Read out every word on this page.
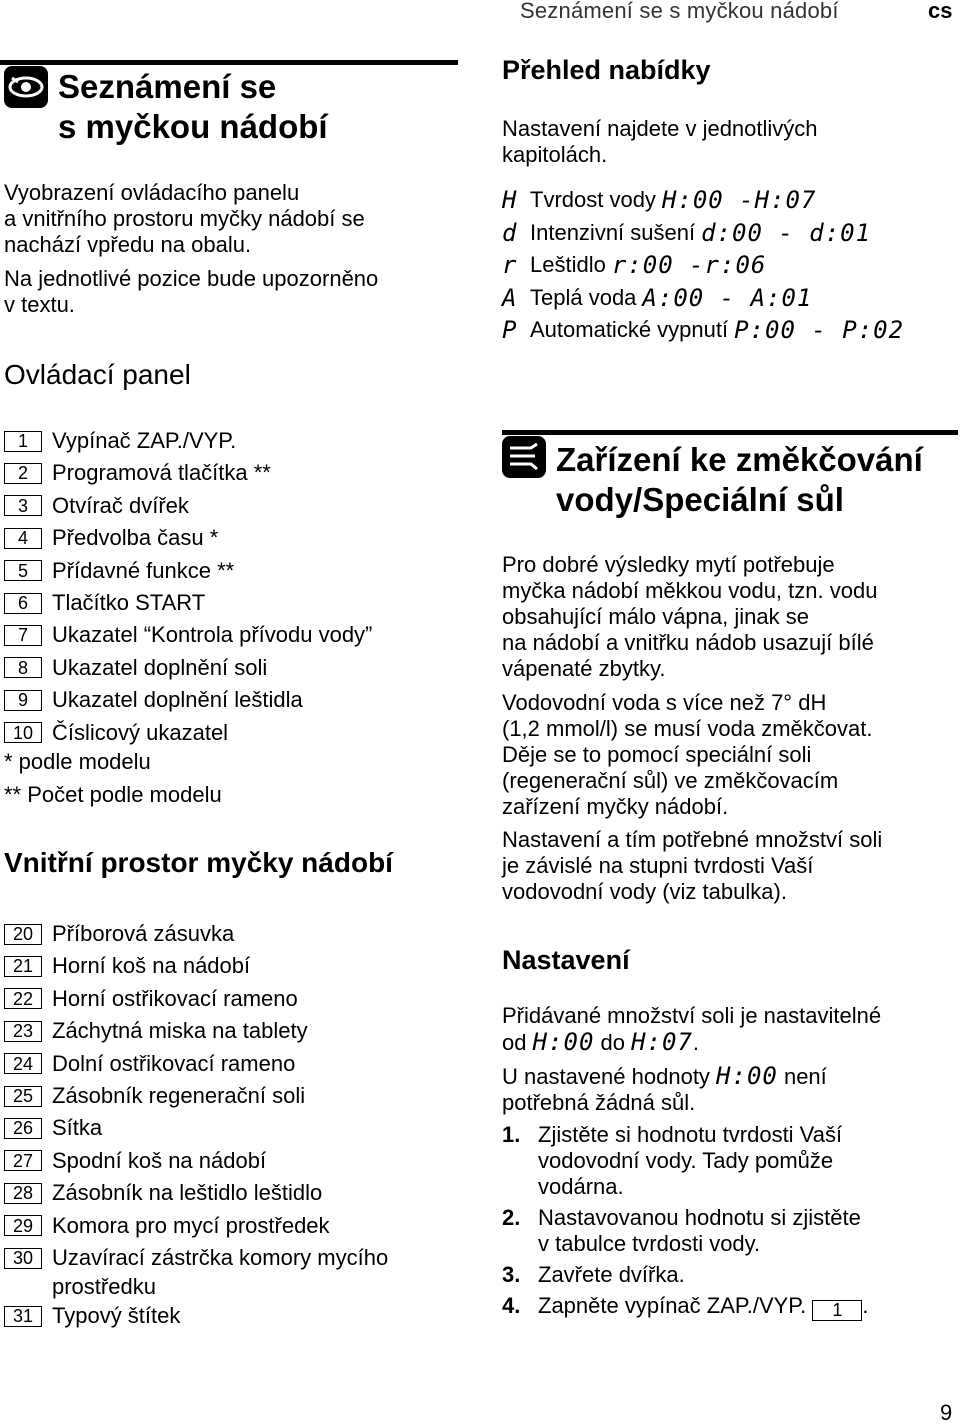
Seznámení se s myčkou nádobí	cs
Seznámení se
s myčkou nádobí
Vyobrazení ovládacího panelu
a vnitřního prostoru myčky nádobí se
nachází vpředu na obalu.
Na jednotlivé pozice bude upozorněno
v textu.
Ovládací panel
1	Vypínač ZAP./VYP.
2	Programová tlačítka **
3	Otvírač dvířek
4	Předvolba času *
5	Přídavné funkce **
6	Tlačítko START
7	Ukazatel “Kontrola přívodu vody”
8	Ukazatel doplnění soli
9	Ukazatel doplnění leštidla
10 Číslicový ukazatel
* podle modelu
** Počet podle modelu
Vnitřní prostor myčky nádobí
20 Příborová zásuvka
21 Horní koš na nádobí
22 Horní ostřikovací rameno
23 Záchytná miska na tablety
24 Dolní ostřikovací rameno
25 Zásobník regenerační soli
26 Sítka
27 Spodní koš na nádobí
28 Zásobník na leštidlo leštidlo
29 Komora pro mycí prostředek
30 Uzavírací zástrčka komory mycího
prostředku
31 Typový štítek
Přehled nabídky
Nastavení najdete v jednotlivých
kapitolách.
H Tvrdost vody H:00 -H:07
d Intenzivní sušení d:00 - d:01
r Leštidlo r:00 -r:06
A Teplá voda A:00 - A:01
P Automatické vypnutí P:00 - P:02
Zařízení ke změkčování
vody/Speciální sůl
Pro dobré výsledky mytí potřebuje
myčka nádobí měkkou vodu, tzn. vodu
obsahující málo vápna, jinak se
na nádobí a vnitřku nádob usazují bílé
vápenaté zbytky.
Vodovodní voda s více než 7° dH
(1,2 mmol/l) se musí voda změkčovat.
Děje se to pomocí speciální soli
(regenerační sůl) ve změkčovacím
zařízení myčky nádobí.
Nastavení a tím potřebné množství soli
je závislé na stupni tvrdosti Vaší
vodovodní vody (viz tabulka).
Nastavení
Přidávané množství soli je nastavitelné
od H:00 do H:07.
U nastavené hodnoty H:00 není
potřebná žádná sůl.
1. Zjistěte si hodnotu tvrdosti Vaší
vodovodní vody. Tady pomůže
vodárna.
2. Nastavovanou hodnotu si zjistěte
v tabulce tvrdosti vody.
3. Zavřete dvířka.
4. Zapněte vypínač ZAP./VYP. 1 .
9
